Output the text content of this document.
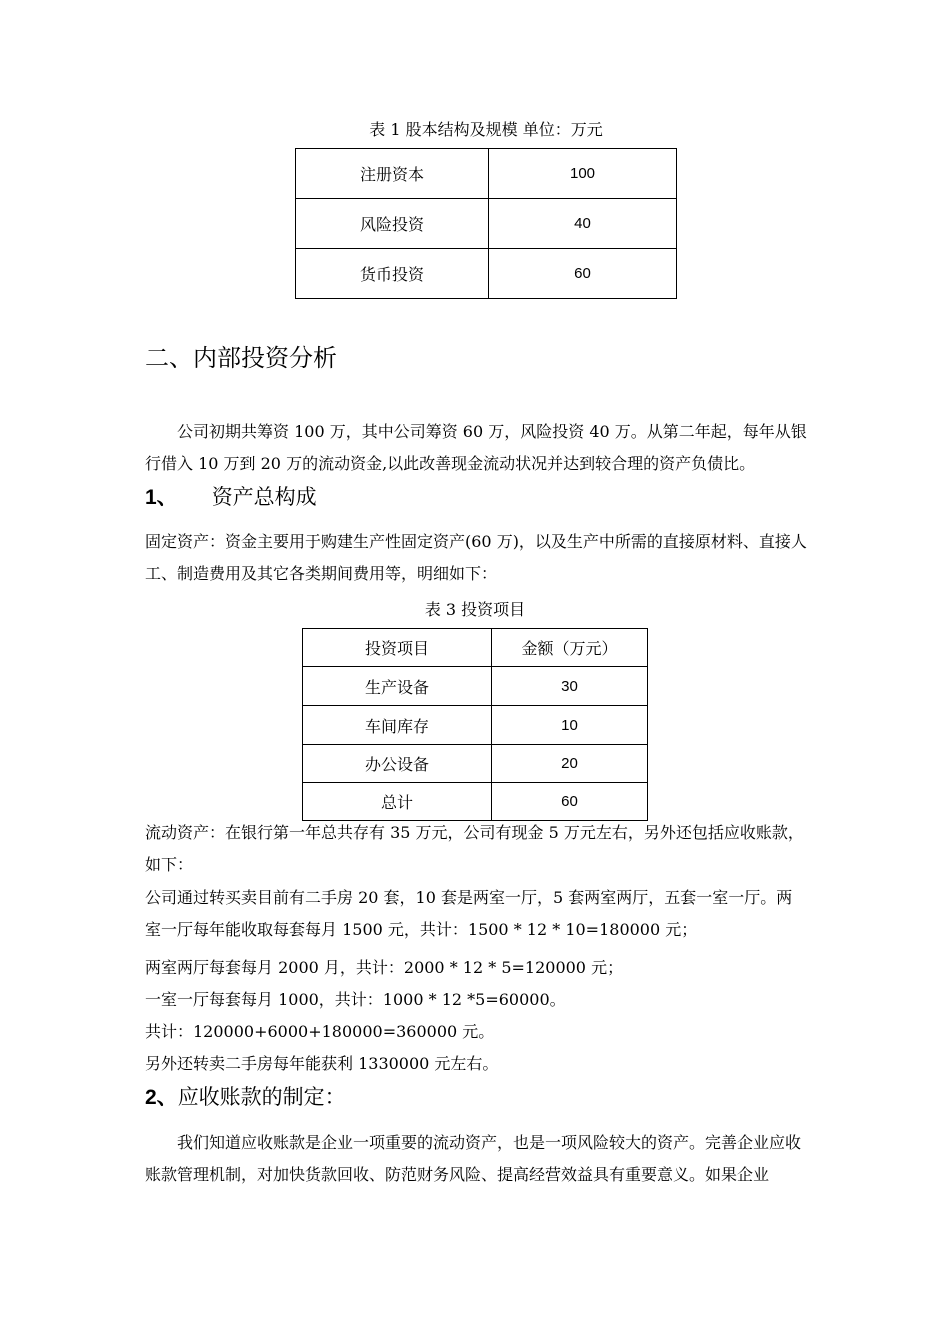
表 1 股本结构及规模 单位：万元
注册资本	100
风险投资	40
货币投资	60
二、内部投资分析
公司初期共筹资 100 万，其中公司筹资 60 万，风险投资 40 万。从第二年起，每年从银行借入 10 万到 20 万的流动资金,以此改善现金流动状况并达到较合理的资产负债比。
1、 资产总构成
固定资产：资金主要用于购建生产性固定资产(60 万)，以及生产中所需的直接原材料、直接人工、制造费用及其它各类期间费用等，明细如下：
表 3 投资项目
投资项目	金额（万元）
生产设备	30
车间库存	10
办公设备	20
总计	60
流动资产：在银行第一年总共存有 35 万元，公司有现金 5 万元左右，另外还包括应收账款，如下：
公司通过转买卖目前有二手房 20 套，10 套是两室一厅，5 套两室两厅，五套一室一厅。两室一厅每年能收取每套每月 1500 元，共计：1500 * 12 * 10=180000 元；
两室两厅每套每月 2000 月，共计：2000 * 12 * 5=120000 元；
一室一厅每套每月 1000，共计：1000 * 12 *5=60000。
共计：120000+6000+180000=360000 元。
另外还转卖二手房每年能获利 1330000 元左右。
2、应收账款的制定：
我们知道应收账款是企业一项重要的流动资产，也是一项风险较大的资产。完善企业应收账款管理机制，对加快货款回收、防范财务风险、提高经营效益具有重要意义。如果企业
